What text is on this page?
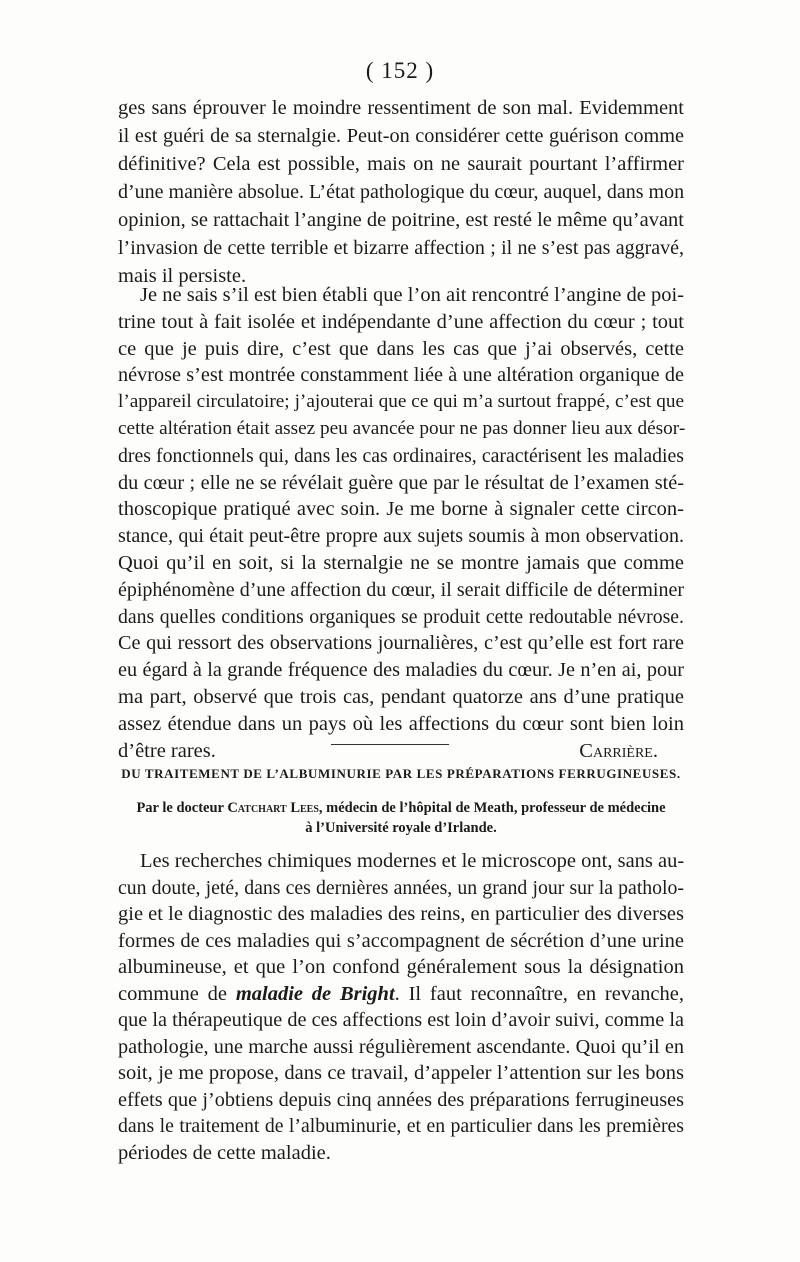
( 152 )
ges sans éprouver le moindre ressentiment de son mal. Evidemment
il est guéri de sa sternalgie. Peut-on considérer cette guérison comme
définitive? Cela est possible, mais on ne saurait pourtant l’affirmer
d’une manière absolue. L’état pathologique du cœur, auquel, dans mon
opinion, se rattachait l’angine de poitrine, est resté le même qu’avant
l’invasion de cette terrible et bizarre affection ; il ne s’est pas aggravé,
mais il persiste.
Je ne sais s’il est bien établi que l’on ait rencontré l’angine de poi-
trine tout à fait isolée et indépendante d’une affection du cœur ; tout
ce que je puis dire, c’est que dans les cas que j’ai observés, cette
névrose s’est montrée constamment liée à une altération organique de
l’appareil circulatoire; j’ajouterai que ce qui m’a surtout frappé, c’est que
cette altération était assez peu avancée pour ne pas donner lieu aux désor-
dres fonctionnels qui, dans les cas ordinaires, caractérisent les maladies
du cœur ; elle ne se révélait guère que par le résultat de l’examen sté-
thoscopique pratiqué avec soin. Je me borne à signaler cette circon-
stance, qui était peut-être propre aux sujets soumis à mon observation.
Quoi qu’il en soit, si la sternalgie ne se montre jamais que comme
épiphénomène d’une affection du cœur, il serait difficile de déterminer
dans quelles conditions organiques se produit cette redoutable névrose.
Ce qui ressort des observations journalières, c’est qu’elle est fort rare
eu égard à la grande fréquence des maladies du cœur. Je n’en ai, pour
ma part, observé que trois cas, pendant quatorze ans d’une pratique
assez étendue dans un pays où les affections du cœur sont bien loin
d’être rares.	Carrière.
DU TRAITEMENT DE L’ALBUMINURIE PAR LES PRÉPARATIONS FERRUGINEUSES.
Par le docteur Catchart Lees, médecin de l’hôpital de Meath, professeur de médecine
à l’Université royale d’Irlande.
Les recherches chimiques modernes et le microscope ont, sans au-
cun doute, jeté, dans ces dernières années, un grand jour sur la patholo-
gie et le diagnostic des maladies des reins, en particulier des diverses
formes de ces maladies qui s’accompagnent de sécrétion d’une urine
albumineuse, et que l’on confond généralement sous la désignation
commune de maladie de Bright. Il faut reconnaître, en revanche,
que la thérapeutique de ces affections est loin d’avoir suivi, comme la
pathologie, une marche aussi régulièrement ascendante. Quoi qu’il en
soit, je me propose, dans ce travail, d’appeler l’attention sur les bons
effets que j’obtiens depuis cinq années des préparations ferrugineuses
dans le traitement de l’albuminurie, et en particulier dans les premières
périodes de cette maladie.
